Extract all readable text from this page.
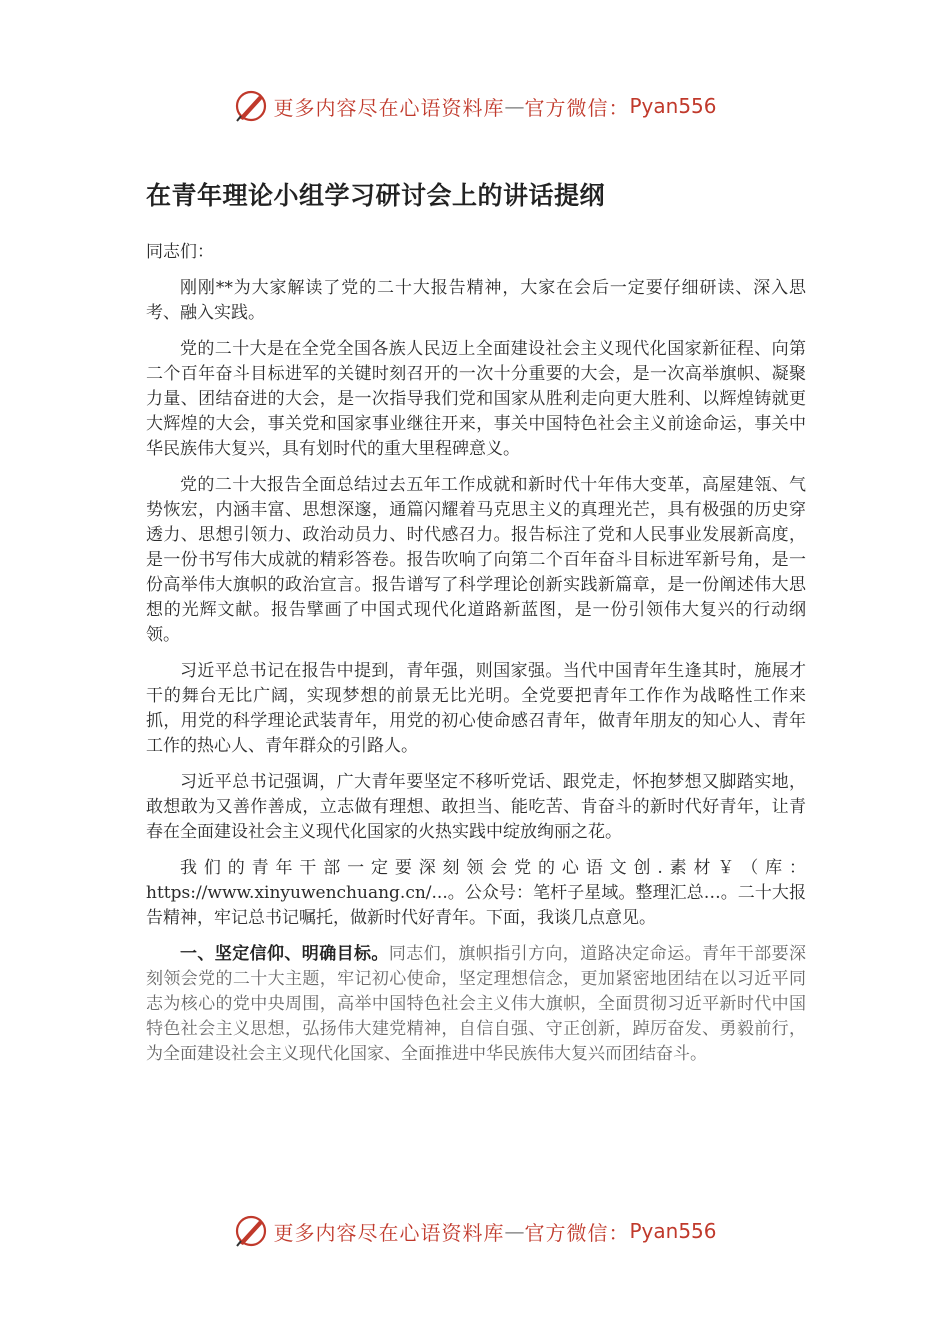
更多内容尽在心语资料库 — 官方微信： Pyan556
在青年理论小组学习研讨会上的讲话提纲

同志们：

刚刚**为大家解读了党的二十大报告精神，大家在会后一定要仔细研读、深入思考、融入实践。

党的二十大是在全党全国各族人民迈上全面建设社会主义现代化国家新征程、向第二个百年奋斗目标进军的关键时刻召开的一次十分重要的大会，是一次高举旗帜、凝聚力量、团结奋进的大会，是一次指导我们党和国家从胜利走向更大胜利、以辉煌铸就更大辉煌的大会，事关党和国家事业继往开来，事关中国特色社会主义前途命运，事关中华民族伟大复兴，具有划时代的重大里程碑意义。

党的二十大报告全面总结过去五年工作成就和新时代十年伟大变革，高屋建瓴、气势恢宏，内涵丰富、思想深邃，通篇闪耀着马克思主义的真理光芒，具有极强的历史穿透力、思想引领力、政治动员力、时代感召力。报告标注了党和人民事业发展新高度，是一份书写伟大成就的精彩答卷。报告吹响了向第二个百年奋斗目标进军新号角，是一份高举伟大旗帜的政治宣言。报告谱写了科学理论创新实践新篇章，是一份阐述伟大思想的光辉文献。报告擘画了中国式现代化道路新蓝图，是一份引领伟大复兴的行动纲领。

习近平总书记在报告中提到，青年强，则国家强。当代中国青年生逢其时，施展才干的舞台无比广阔，实现梦想的前景无比光明。全党要把青年工作作为战略性工作来抓，用党的科学理论武装青年，用党的初心使命感召青年，做青年朋友的知心人、青年工作的热心人、青年群众的引路人。

习近平总书记强调，广大青年要坚定不移听党话、跟党走，怀抱梦想又脚踏实地，敢想敢为又善作善成，立志做有理想、敢担当、能吃苦、肯奋斗的新时代好青年，让青春在全面建设社会主义现代化国家的火热实践中绽放绚丽之花。

我们的青年干部一定要深刻领会党的心语文创.素材￥（库：https://www.xinyuwenchuang.cn/...。公众号：笔杆子星域。整理汇总…。二十大报告精神，牢记总书记嘱托，做新时代好青年。下面，我谈几点意见。

一、坚定信仰、明确目标。同志们，旗帜指引方向，道路决定命运。青年干部要深刻领会党的二十大主题，牢记初心使命，坚定理想信念，更加紧密地团结在以习近平同志为核心的党中央周围，高举中国特色社会主义伟大旗帜，全面贯彻习近平新时代中国特色社会主义思想，弘扬伟大建党精神，自信自强、守正创新，踔厉奋发、勇毅前行，为全面建设社会主义现代化国家、全面推进中华民族伟大复兴而团结奋斗。

更多内容尽在心语资料库 — 官方微信： Pyan556
